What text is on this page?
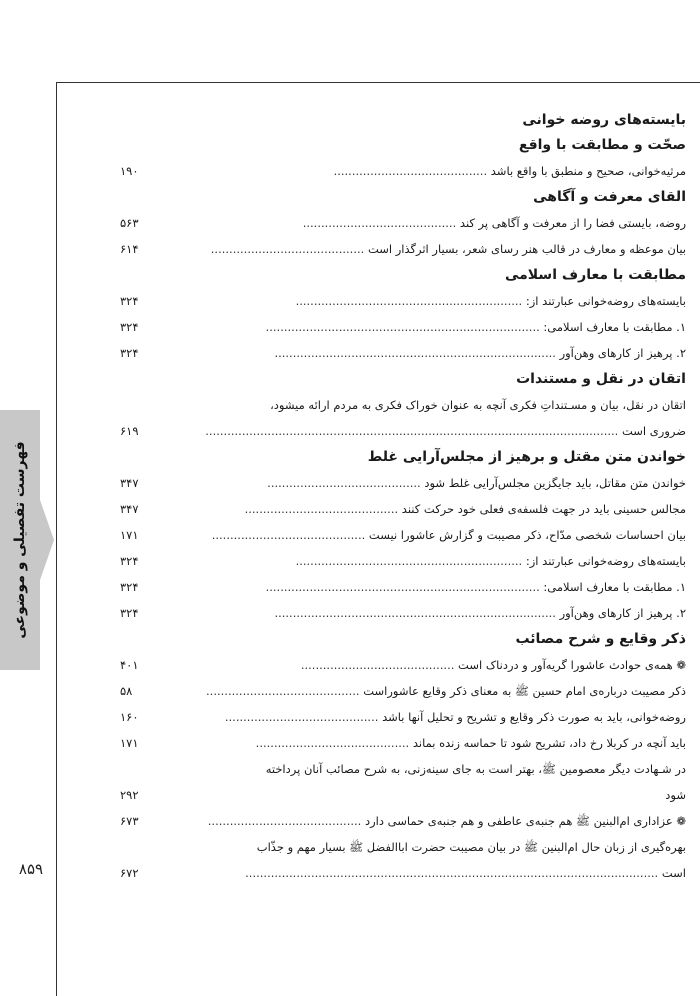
فهرست تفصیلی و موضوعی
۸۵۹
بایسته‌های روضه خوانی
صحّت و مطابقت با واقع
۱۹۰	مرثیه‌خوانی، صحیح و منطبق با واقع باشد ..........................................
القای معرفت و آگاهی
۵۶۳	روضه، بایستی فضا را از معرفت و آگاهی پر کند ..........................................
۶۱۴	بیان موعظه و معارف در قالب هنر رسای شعر، بسیار اثرگذار است ..........................................
مطابقت با معارف اسلامی
۳۲۴	بایسته‌های روضه‌خوانی عبارتند از: ..............................................................
۳۲۴	۱. مطابقت با معارف اسلامی: ...........................................................................
۳۲۴	۲. پرهیز از کارهای وهن‌آور .............................................................................
اتقان در نقل و مستندات
اتقان در نقل، بیان و مسـتنداتِ فکری آنچه به عنوان خوراک فکری به مردم ارائه میشود،
۶۱۹	ضروری است .................................................................................................................
خواندن متن مقتل و برهیز از مجلس‌آرایی غلط
۳۴۷	خواندن متن مقاتل، باید جایگزین مجلس‌آرایی غلط شود ..........................................
۳۴۷	مجالس حسینی باید در جهت فلسفه‌ی فعلی خود حرکت کنند ..........................................
۱۷۱	بیان احساسات شخصی مدّاح، ذکر مصیبت و گزارش عاشورا نیست ..........................................
۳۲۴	بایسته‌های روضه‌خوانی عبارتند از: ..............................................................
۳۲۴	۱. مطابقت با معارف اسلامی: ...........................................................................
۳۲۴	۲. پرهیز از کارهای وهن‌آور .............................................................................
ذکر وقایع و شرح مصائب
۴۰۱	❁ همه‌ی حوادث عاشورا گریه‌آور و دردناک است ..........................................
۵۸	ذکر مصیبت درباره‌ی امام حسین ﷺ به معنای ذکر وقایع عاشوراست ..........................................
۱۶۰	روضه‌خوانی، باید به صورت ذکر وقایع و تشریح و تحلیل آنها باشد ..........................................
۱۷۱	باید آنچه در کربلا رخ داد، تشریح شود تا حماسه زنده بماند ..........................................
در شـهادت دیگر معصومین ﷺ، بهتر است به جای سینه‌زنی، به شرح مصائب آنان پرداخته
۲۹۲	شود
۶۷۳	❁ عزاداری ام‌البنین ﷺ هم جنبه‌ی عاطفی و هم جنبه‌ی حماسی دارد ..........................................
بهره‌گیری از زبان حال ام‌البنین ﷺ در بیان مصیبت حضرت اباالفضل ﷺ بسیار مهم و جذّاب
۶۷۲	است .................................................................................................................
